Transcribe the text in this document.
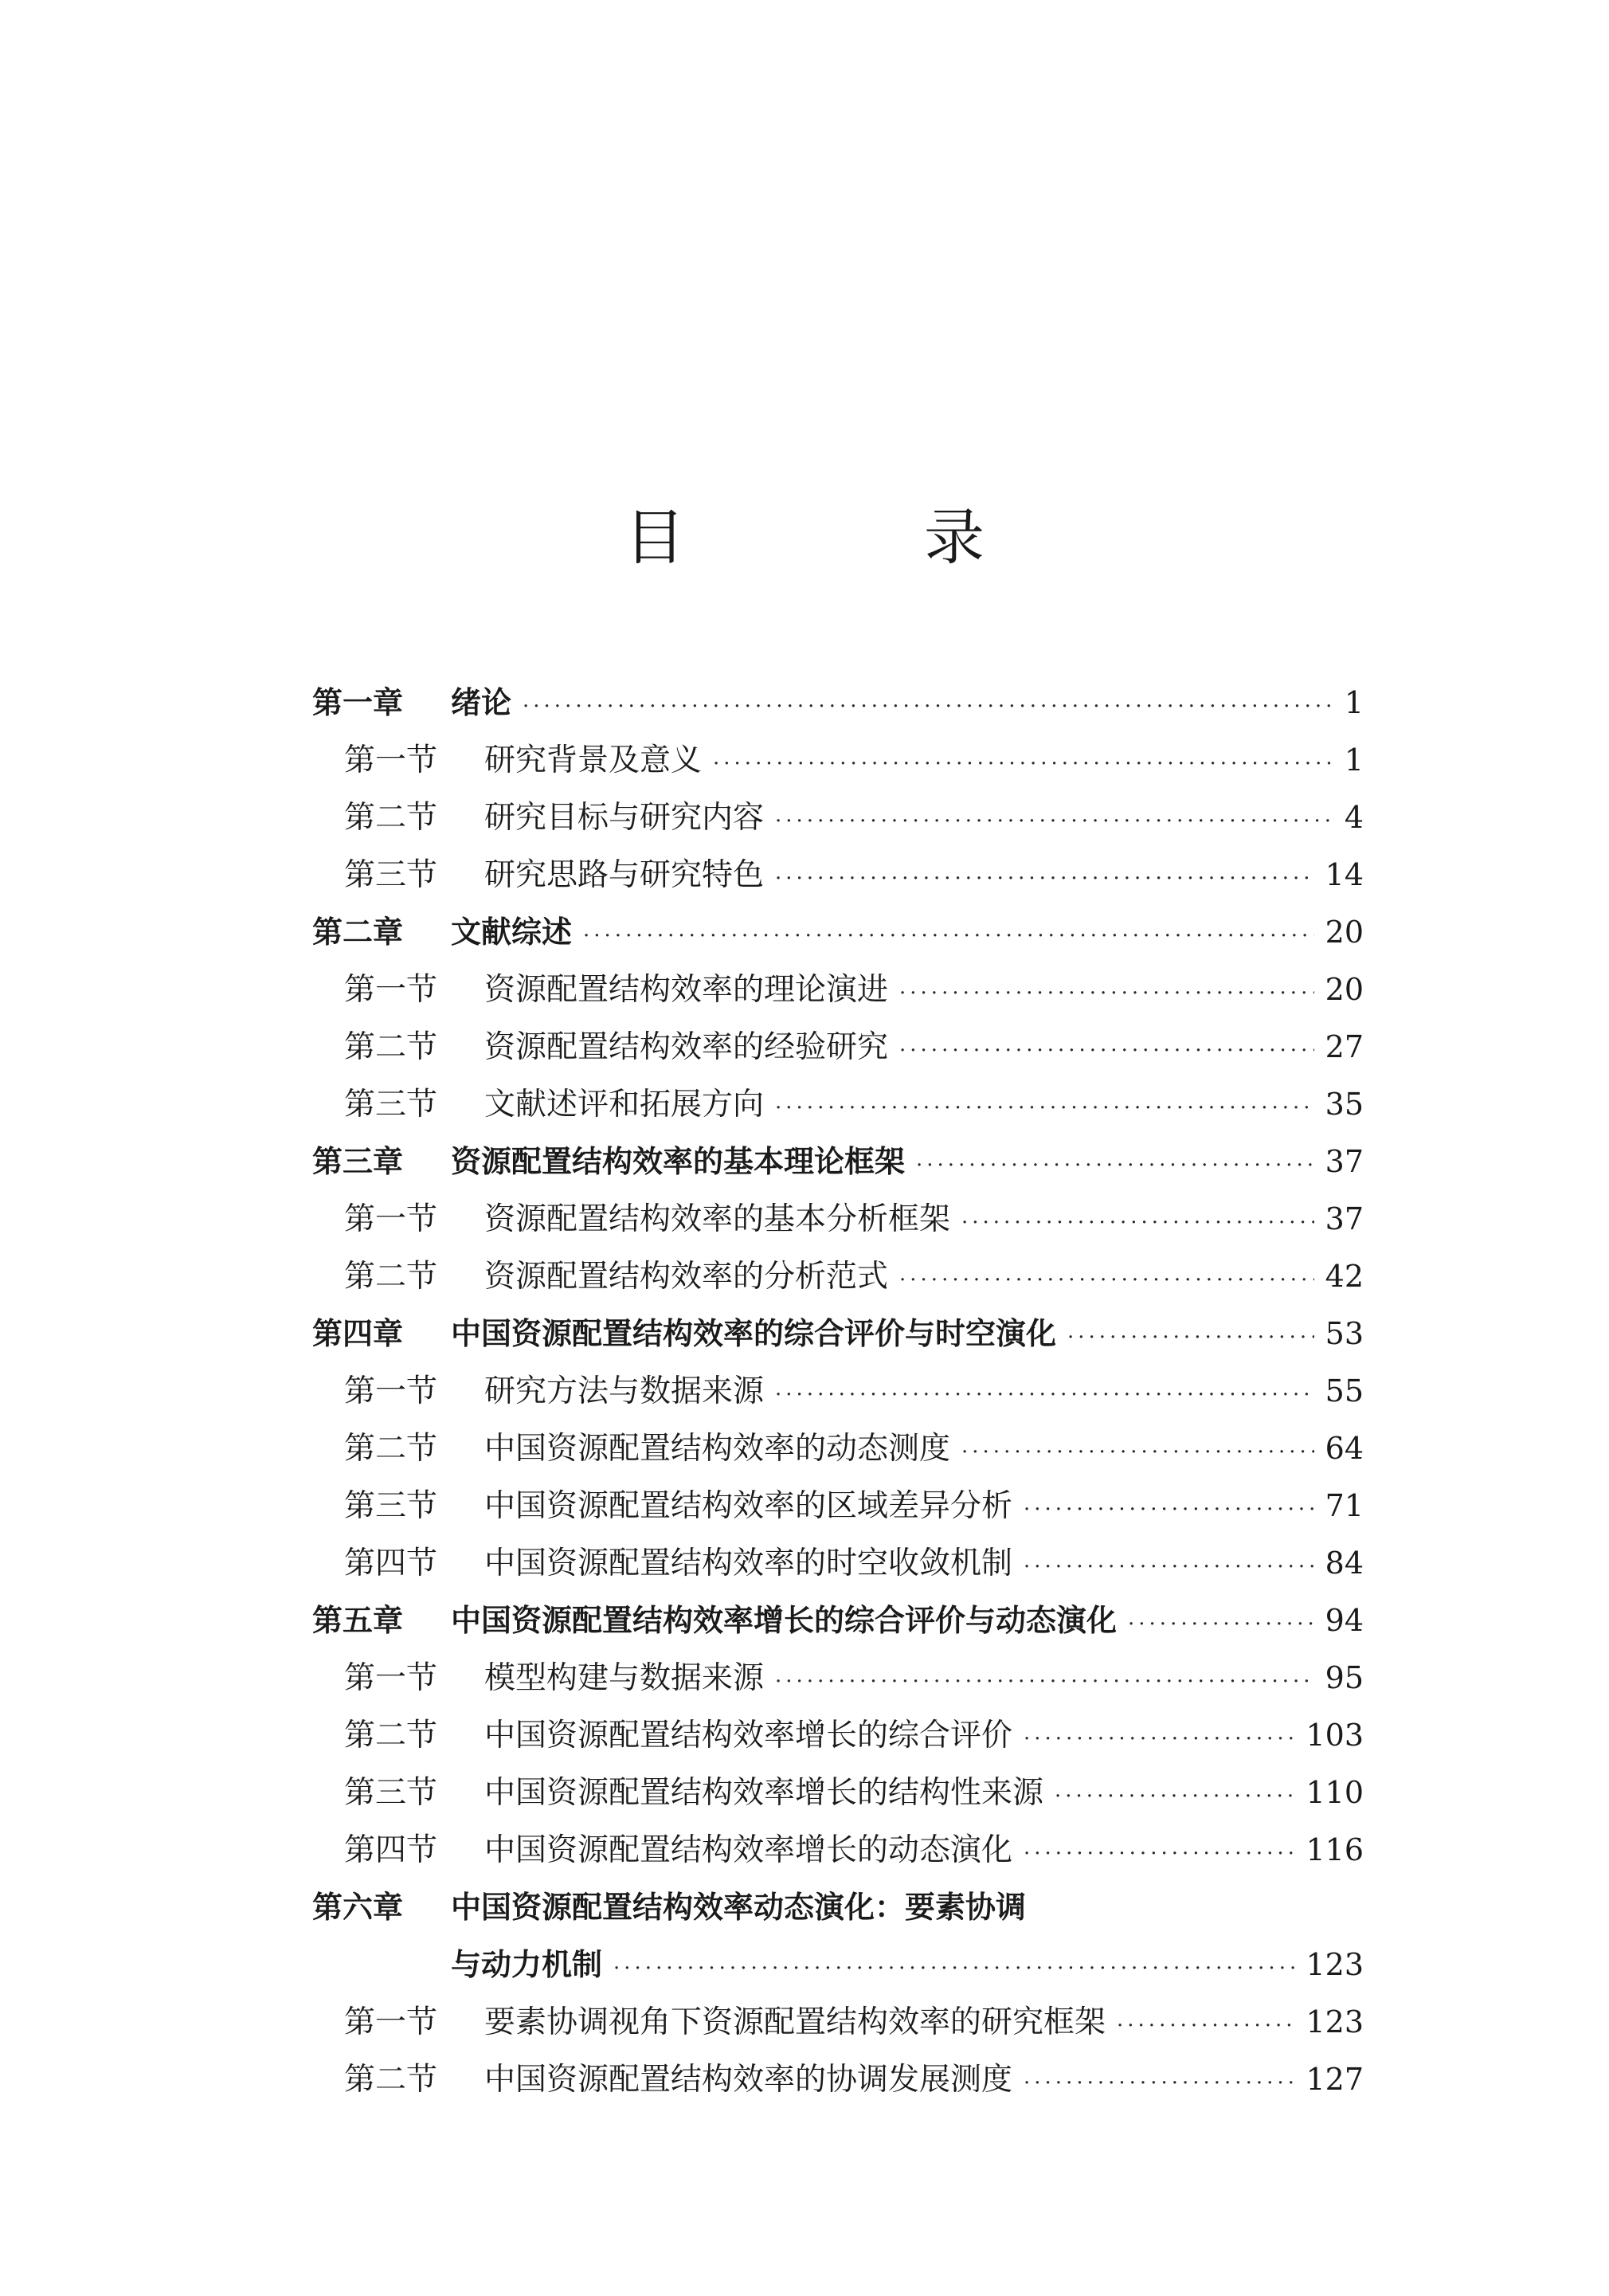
目　录
第一章	绪论 ·····	1
第一节	研究背景及意义 ·····	1
第二节	研究目标与研究内容 ·····	4
第三节	研究思路与研究特色 ·····	14
第二章	文献综述 ·····	20
第一节	资源配置结构效率的理论演进 ·····	20
第二节	资源配置结构效率的经验研究 ·····	27
第三节	文献述评和拓展方向 ·····	35
第三章	资源配置结构效率的基本理论框架 ·····	37
第一节	资源配置结构效率的基本分析框架 ·····	37
第二节	资源配置结构效率的分析范式 ·····	42
第四章	中国资源配置结构效率的综合评价与时空演化 ·····	53
第一节	研究方法与数据来源 ·····	55
第二节	中国资源配置结构效率的动态测度 ·····	64
第三节	中国资源配置结构效率的区域差异分析 ·····	71
第四节	中国资源配置结构效率的时空收敛机制 ·····	84
第五章	中国资源配置结构效率增长的综合评价与动态演化 ·····	94
第一节	模型构建与数据来源 ·····	95
第二节	中国资源配置结构效率增长的综合评价 ·····	103
第三节	中国资源配置结构效率增长的结构性来源 ·····	110
第四节	中国资源配置结构效率增长的动态演化 ·····	116
第六章	中国资源配置结构效率动态演化：要素协调
与动力机制 ·····	123
第一节	要素协调视角下资源配置结构效率的研究框架 ·····	123
第二节	中国资源配置结构效率的协调发展测度 ·····	127
